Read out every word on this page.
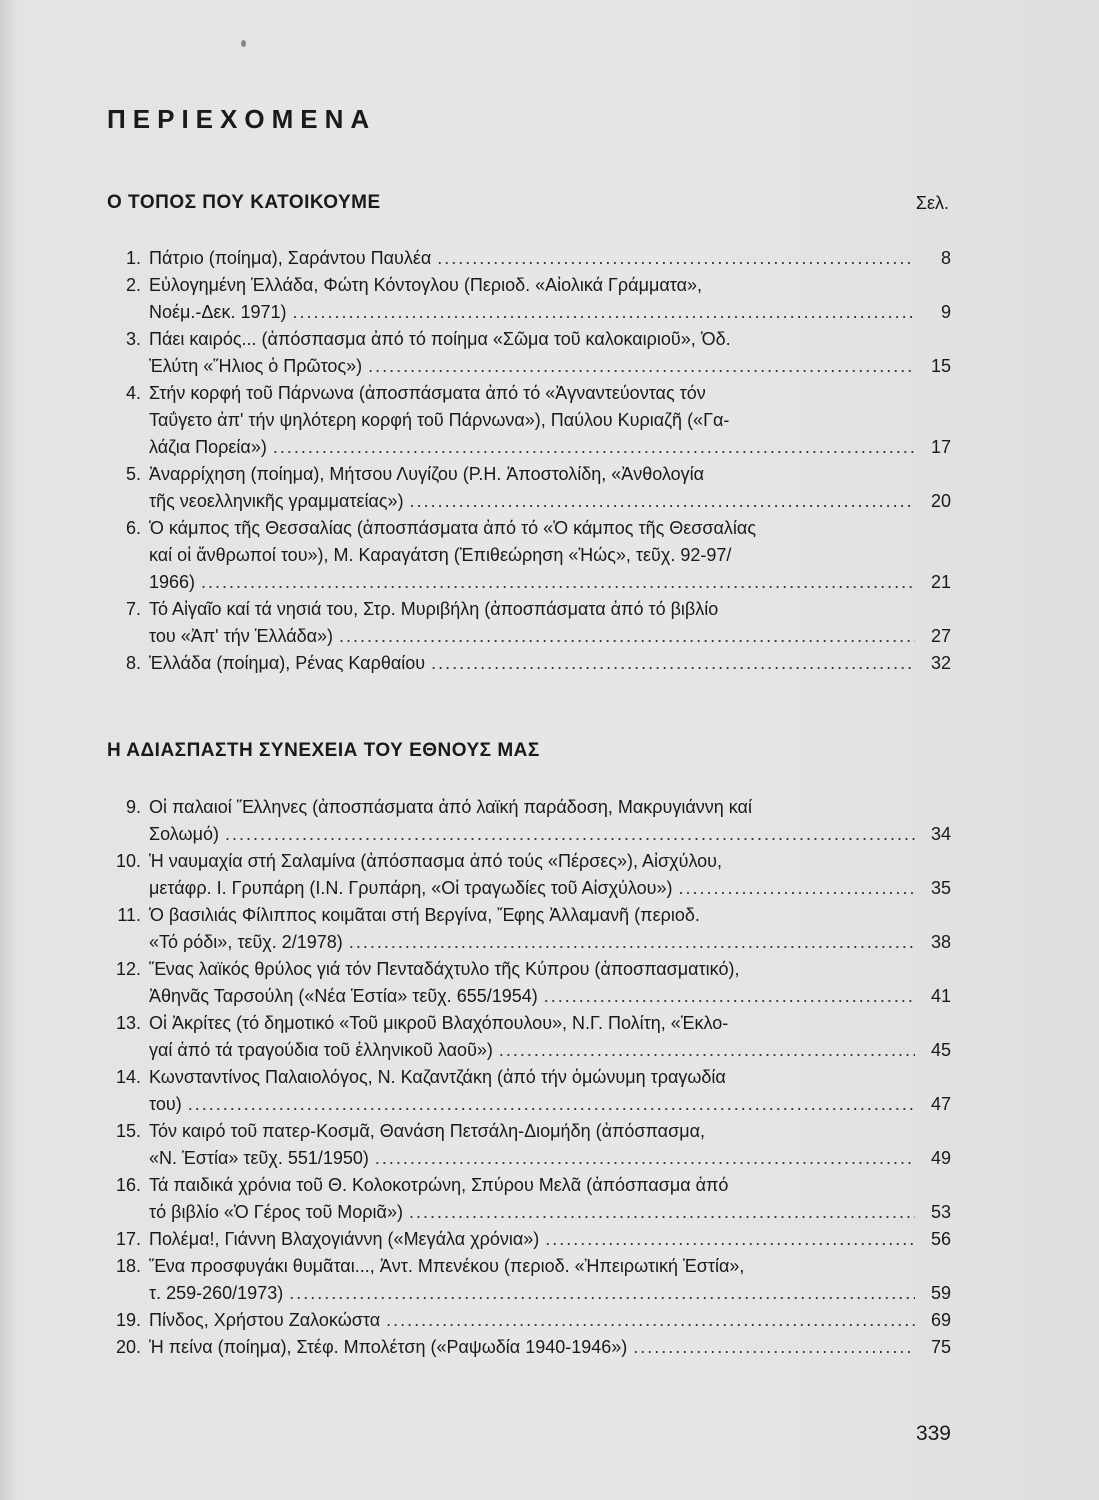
ΠΕΡΙΕΧΟΜΕΝΑ
Ο ΤΟΠΟΣ ΠΟΥ ΚΑΤΟΙΚΟΥΜΕ	Σελ.
1. Πάτριο (ποίημα), Σαράντου Παυλέα .....	8
2. Εὐλογημένη Ἑλλάδα, Φώτη Κόντογλου (Περιοδ. «Αἰολικά Γράμματα»,
Νοέμ.-Δεκ. 1971) .....	9
3. Πάει καιρός... (ἀπόσπασμα ἀπό τό ποίημα «Σῶμα τοῦ καλοκαιριοῦ», Ὀδ.
Ἐλύτη «Ἥλιος ὁ Πρῶτος») .....	15
4. Στήν κορφή τοῦ Πάρνωνα (ἀποσπάσματα ἀπό τό «Ἀγναντεύοντας τόν
Ταΰγετο ἀπ' τήν ψηλότερη κορφή τοῦ Πάρνωνα»), Παύλου Κυριαζῆ («Γα-
λάζια Πορεία») .....	17
5. Ἀναρρίχηση (ποίημα), Μήτσου Λυγίζου (Ρ.Η. Ἀποστολίδη, «Ἀνθολογία
τῆς νεοελληνικῆς γραμματείας») .....	20
6. Ὁ κάμπος τῆς Θεσσαλίας (ἀποσπάσματα ἀπό τό «Ὁ κάμπος τῆς Θεσσαλίας
καί οἱ ἄνθρωποί του»), Μ. Καραγάτση (Ἐπιθεώρηση «Ἠώς», τεῦχ. 92-97/
1966) .....	21
7. Τό Αἰγαῖο καί τά νησιά του, Στρ. Μυριβήλη (ἀποσπάσματα ἀπό τό βιβλίο
του «Ἀπ' τήν Ἑλλάδα») .....	27
8. Ἑλλάδα (ποίημα), Ρένας Καρθαίου .....	32
Η ΑΔΙΑΣΠΑΣΤΗ ΣΥΝΕΧΕΙΑ ΤΟΥ ΕΘΝΟΥΣ ΜΑΣ
9. Οἱ παλαιοί Ἕλληνες (ἀποσπάσματα ἀπό λαϊκή παράδοση, Μακρυγιάννη καί
Σολωμό) .....	34
10. Ἡ ναυμαχία στή Σαλαμίνα (ἀπόσπασμα ἀπό τούς «Πέρσες»), Αἰσχύλου,
μετάφρ. Ι. Γρυπάρη (Ι.Ν. Γρυπάρη, «Οἱ τραγωδίες τοῦ Αἰσχύλου») .....	35
11. Ὁ βασιλιάς Φίλιππος κοιμᾶται στή Βεργίνα, Ἔφης Ἀλλαμανῆ (περιοδ.
«Τό ρόδι», τεῦχ. 2/1978) .....	38
12. Ἕνας λαϊκός θρύλος γιά τόν Πενταδάχτυλο τῆς Κύπρου (ἀποσπασματικό),
Ἀθηνᾶς Ταρσούλη («Νέα Ἑστία» τεῦχ. 655/1954) .....	41
13. Οἱ Ἀκρίτες (τό δημοτικό «Τοῦ μικροῦ Βλαχόπουλου», Ν.Γ. Πολίτη, «Ἐκλο-
γαί ἀπό τά τραγούδια τοῦ ἑλληνικοῦ λαοῦ») .....	45
14. Κωνσταντίνος Παλαιολόγος, Ν. Καζαντζάκη (ἀπό τήν ὁμώνυμη τραγωδία
του) .....	47
15. Τόν καιρό τοῦ πατερ-Κοσμᾶ, Θανάση Πετσάλη-Διομήδη (ἀπόσπασμα,
«Ν. Ἑστία» τεῦχ. 551/1950) .....	49
16. Τά παιδικά χρόνια τοῦ Θ. Κολοκοτρώνη, Σπύρου Μελᾶ (ἀπόσπασμα ἀπό
τό βιβλίο «Ὁ Γέρος τοῦ Μοριᾶ») .....	53
17. Πολέμα!, Γιάννη Βλαχογιάννη («Μεγάλα χρόνια») .....	56
18. Ἕνα προσφυγάκι θυμᾶται..., Ἀντ. Μπενέκου (περιοδ. «Ἠπειρωτική Ἑστία»,
τ. 259-260/1973) .....	59
19. Πίνδος, Χρήστου Ζαλοκώστα .....	69
20. Ἡ πείνα (ποίημα), Στέφ. Μπολέτση («Ραψωδία 1940-1946») .....	75
339
